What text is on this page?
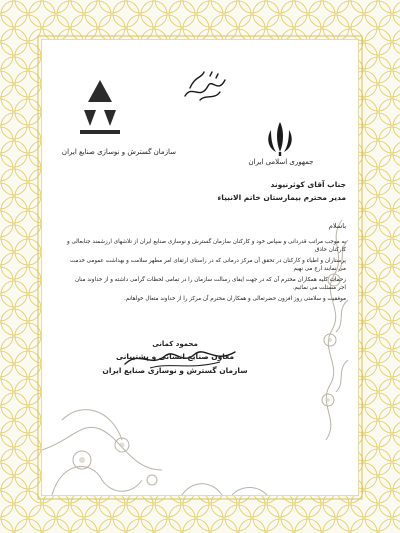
سازمان گسترش و نوسازی صنایع ایران
جمهوری اسلامی ایران
جناب آقای کوثرنیوند
مدیر محترم بیمارستان خاتم الانبیاء
باسلام
به موجب مراتب قدردانی و سپاس خود و کارکنان سازمان گسترش و نوسازی صنایع ایران از تلاشهای ارزشمند جنابعالی و کارکنان حاذق
پرستاران و اطباء و کارکنان در تحقق آن مرکز درمانی که در راستای ارتقای امر مطهر سلامت و بهداشت عمومی خدمت می نمایند ارج می نهیم
زحمات کلیه همکاران محترم آن که در جهت ایفای رسالت سازمان را در تمامی لحظات گرامی داشته و از خداوند منان اجر مسئلت می نمائیم.
موفقیت و سلامتی روز افزون حضرتعالی و همکاران محترم آن مرکز را از خداوند متعال خواهانم.
محمود کمانی
معاون صنایع انسانی و پشتیبانی
سازمان گسترش و نوسازی صنایع ایران
